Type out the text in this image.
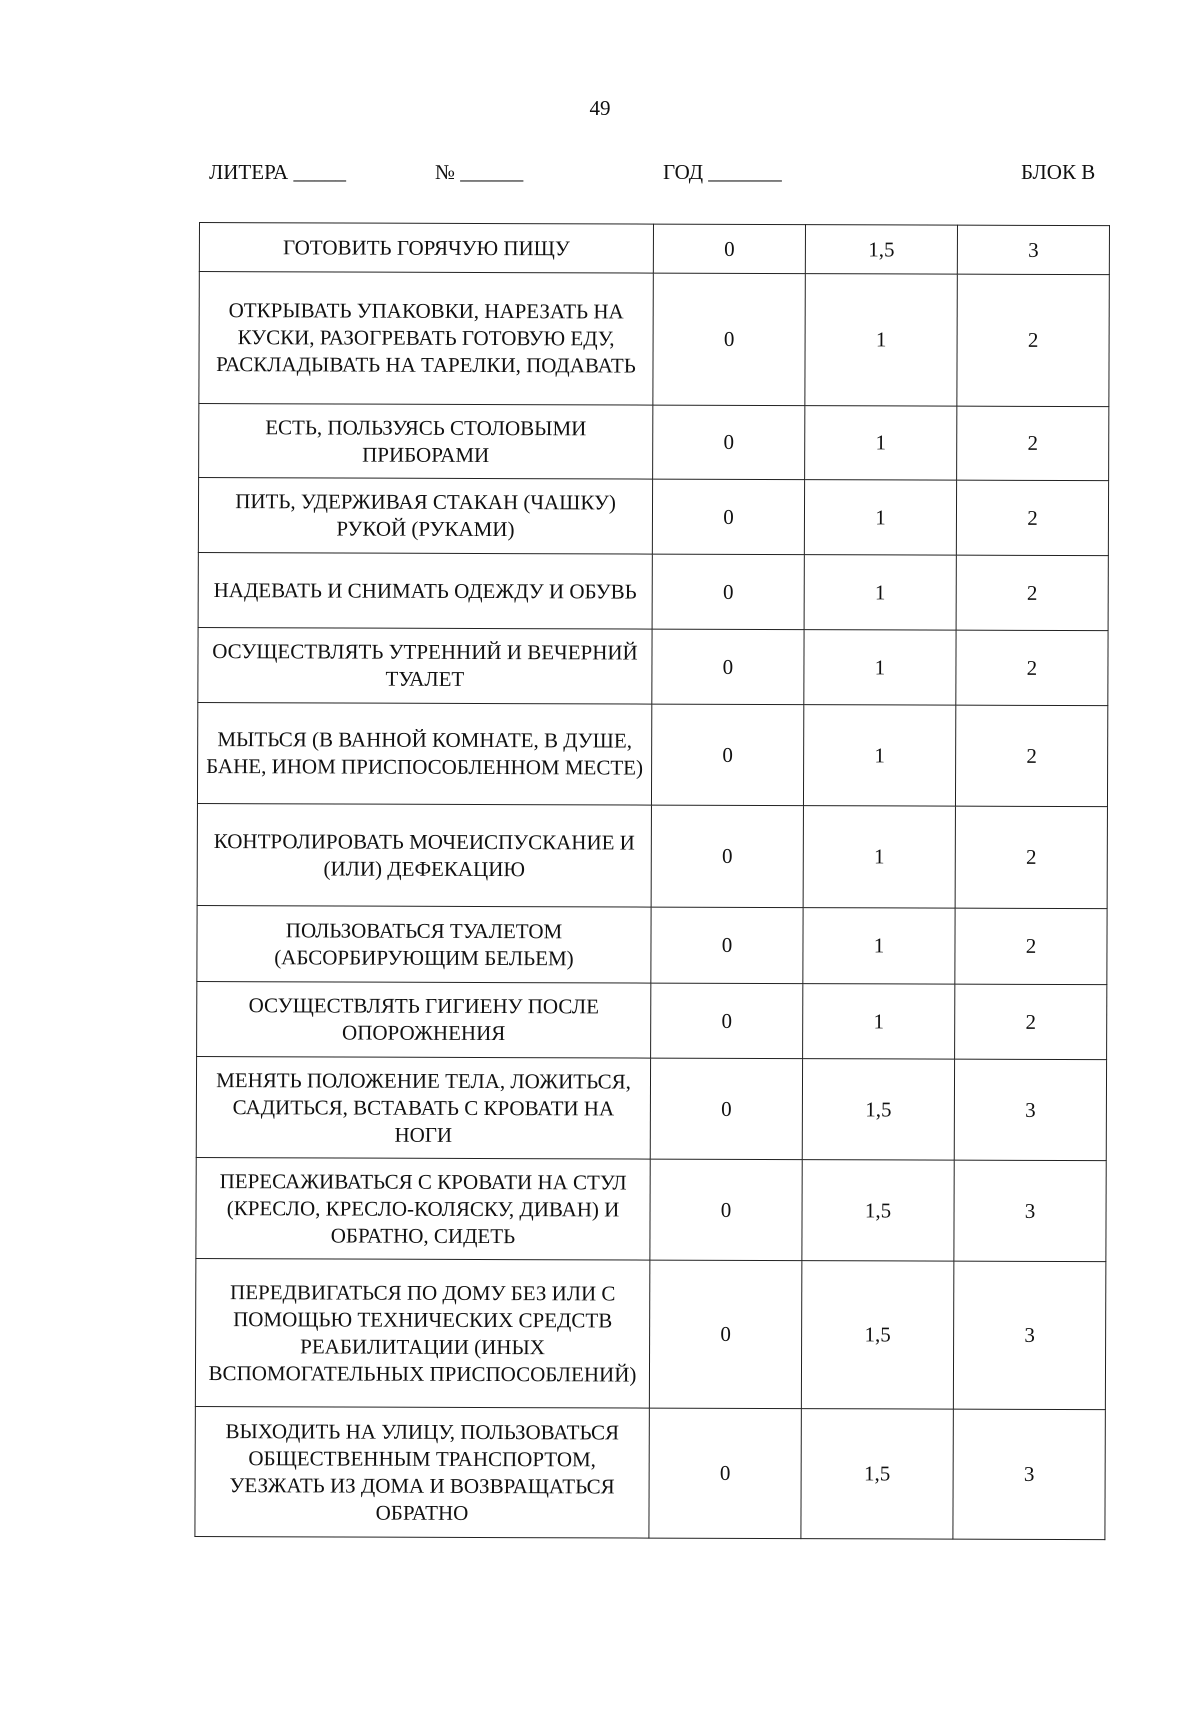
49
ЛИТЕРА _____	№ ______	ГОД _______	БЛОК В
ГОТОВИТЬ ГОРЯЧУЮ ПИЩУ	0	1,5	3
ОТКРЫВАТЬ УПАКОВКИ, НАРЕЗАТЬ НА КУСКИ, РАЗОГРЕВАТЬ ГОТОВУЮ ЕДУ, РАСКЛАДЫВАТЬ НА ТАРЕЛКИ, ПОДАВАТЬ	0	1	2
ЕСТЬ, ПОЛЬЗУЯСЬ СТОЛОВЫМИ ПРИБОРАМИ	0	1	2
ПИТЬ, УДЕРЖИВАЯ СТАКАН (ЧАШКУ) РУКОЙ (РУКАМИ)	0	1	2
НАДЕВАТЬ И СНИМАТЬ ОДЕЖДУ И ОБУВЬ	0	1	2
ОСУЩЕСТВЛЯТЬ УТРЕННИЙ И ВЕЧЕРНИЙ ТУАЛЕТ	0	1	2
МЫТЬСЯ (В ВАННОЙ КОМНАТЕ, В ДУШЕ, БАНЕ, ИНОМ ПРИСПОСОБЛЕННОМ МЕСТЕ)	0	1	2
КОНТРОЛИРОВАТЬ МОЧЕИСПУСКАНИЕ И (ИЛИ) ДЕФЕКАЦИЮ	0	1	2
ПОЛЬЗОВАТЬСЯ ТУАЛЕТОМ (АБСОРБИРУЮЩИМ БЕЛЬЕМ)	0	1	2
ОСУЩЕСТВЛЯТЬ ГИГИЕНУ ПОСЛЕ ОПОРОЖНЕНИЯ	0	1	2
МЕНЯТЬ ПОЛОЖЕНИЕ ТЕЛА, ЛОЖИТЬСЯ, САДИТЬСЯ, ВСТАВАТЬ С КРОВАТИ НА НОГИ	0	1,5	3
ПЕРЕСАЖИВАТЬСЯ С КРОВАТИ НА СТУЛ (КРЕСЛО, КРЕСЛО-КОЛЯСКУ, ДИВАН) И ОБРАТНО, СИДЕТЬ	0	1,5	3
ПЕРЕДВИГАТЬСЯ ПО ДОМУ БЕЗ ИЛИ С ПОМОЩЬЮ ТЕХНИЧЕСКИХ СРЕДСТВ РЕАБИЛИТАЦИИ (ИНЫХ ВСПОМОГАТЕЛЬНЫХ ПРИСПОСОБЛЕНИЙ)	0	1,5	3
ВЫХОДИТЬ НА УЛИЦУ, ПОЛЬЗОВАТЬСЯ ОБЩЕСТВЕННЫМ ТРАНСПОРТОМ, УЕЗЖАТЬ ИЗ ДОМА И ВОЗВРАЩАТЬСЯ ОБРАТНО	0	1,5	3
